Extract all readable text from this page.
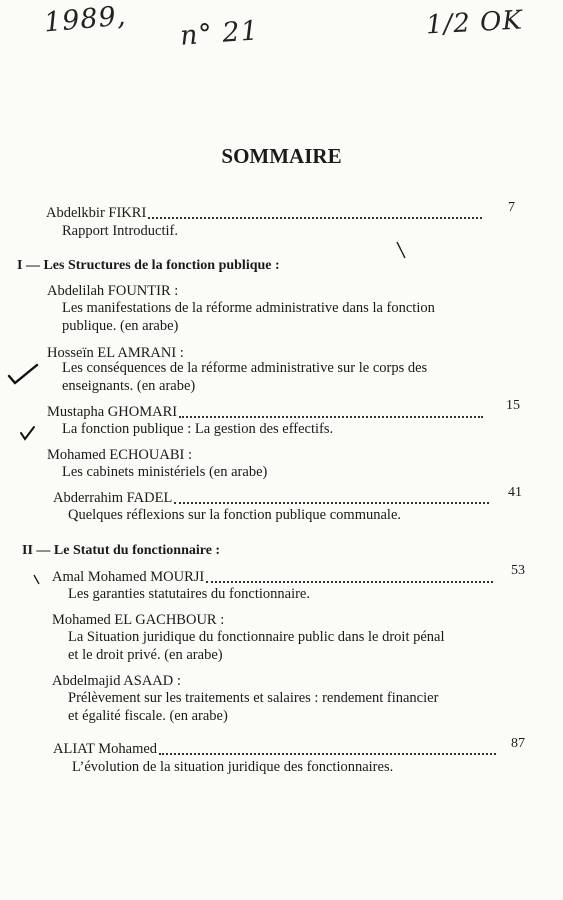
1989, n° 21	1/2 OK
SOMMAIRE
Abdelkbir FIKRI	7
Rapport Introductif.
I — Les Structures de la fonction publique :
Abdelilah FOUNTIR :
Les manifestations de la réforme administrative dans la fonction
publique. (en arabe)
Hosseïn EL AMRANI :
Les conséquences de la réforme administrative sur le corps des
enseignants. (en arabe)
Mustapha GHOMARI	15
La fonction publique : La gestion des effectifs.
Mohamed ECHOUABI :
Les cabinets ministériels (en arabe)
Abderrahim FADEL	41
Quelques réflexions sur la fonction publique communale.
II — Le Statut du fonctionnaire :
Amal Mohamed MOURJI	53
Les garanties statutaires du fonctionnaire.
Mohamed EL GACHBOUR :
La Situation juridique du fonctionnaire public dans le droit pénal
et le droit privé. (en arabe)
Abdelmajid ASAAD :
Prélèvement sur les traitements et salaires : rendement financier
et égalité fiscale. (en arabe)
ALIAT Mohamed	87
L’évolution de la situation juridique des fonctionnaires.
